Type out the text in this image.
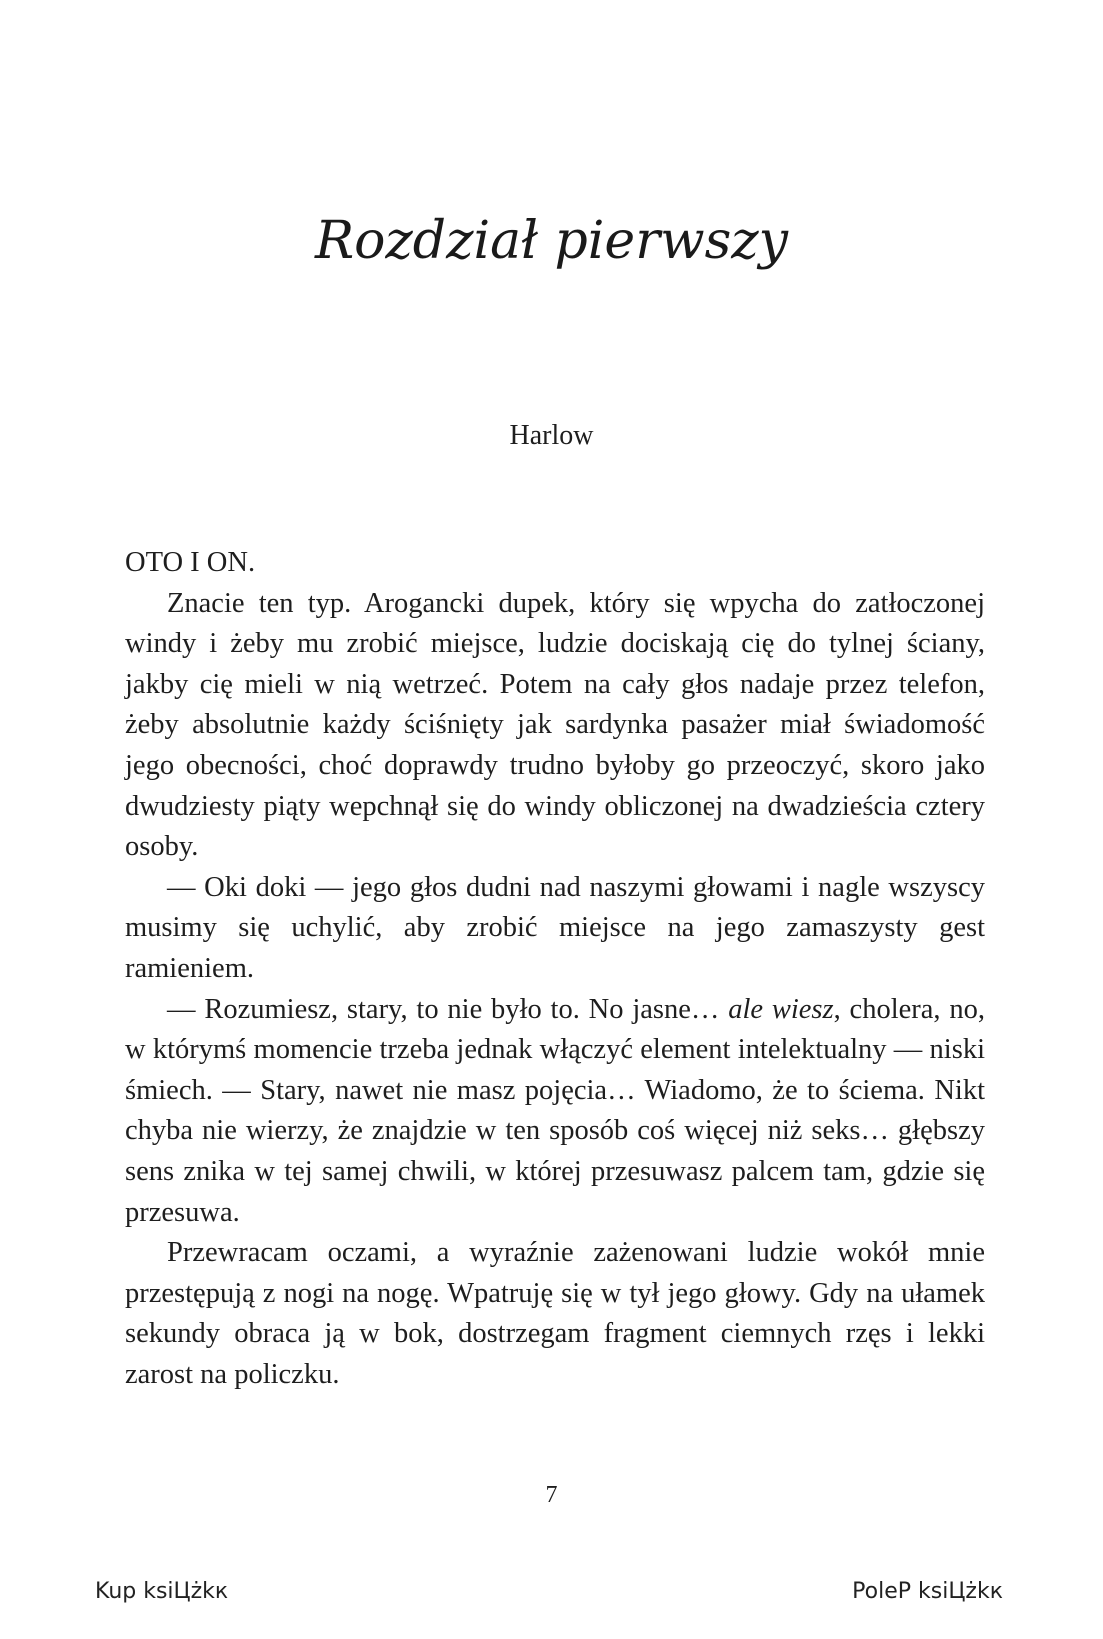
Rozdział pierwszy
Harlow

OTO I ON.

Znacie ten typ. Arogancki dupek, który się wpycha do zatłoczonej windy i żeby mu zrobić miejsce, ludzie dociskają cię do tylnej ściany, jakby cię mieli w nią wetrzeć. Potem na cały głos nadaje przez telefon, żeby absolutnie każdy ściśnięty jak sardynka pasażer miał świadomość jego obecności, choć doprawdy trudno byłoby go przeoczyć, skoro jako dwudziesty piąty wepchnął się do windy obliczonej na dwadzieścia cztery osoby.

— Oki doki — jego głos dudni nad naszymi głowami i nagle wszyscy musimy się uchylić, aby zrobić miejsce na jego zamaszysty gest ramieniem.

— Rozumiesz, stary, to nie było to. No jasne… ale wiesz, cholera, no, w którymś momencie trzeba jednak włączyć element intelektualny — niski śmiech. — Stary, nawet nie masz pojęcia… Wiadomo, że to ściema. Nikt chyba nie wierzy, że znajdzie w ten sposób coś więcej niż seks… głębszy sens znika w tej samej chwili, w której przesuwasz palcem tam, gdzie się przesuwa.

Przewracam oczami, a wyraźnie zażenowani ludzie wokół mnie przestępują z nogi na nogę. Wpatruję się w tył jego głowy. Gdy na ułamek sekundy obraca ją w bok, dostrzegam fragment ciemnych rzęs i lekki zarost na policzku.

7
Kup ksiЦżkк	PoleР ksiЦżkк
